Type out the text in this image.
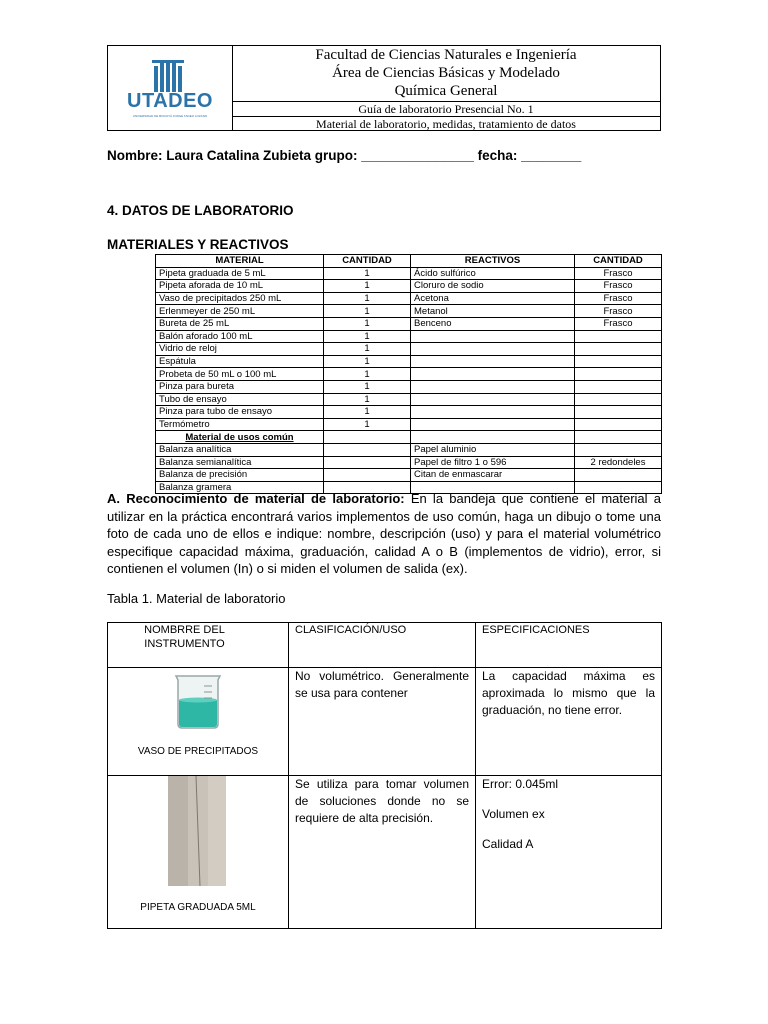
UTADEO
UNIVERSIDAD DE BOGOTÁ JORGE TADEO LOZANO
Facultad de Ciencias Naturales e Ingeniería
Área de Ciencias Básicas y Modelado
Química General
Guía de laboratorio Presencial No. 1
Material de laboratorio, medidas, tratamiento de datos
Nombre: Laura Catalina Zubieta grupo: _______________ fecha: ________
4. DATOS DE LABORATORIO
MATERIALES Y REACTIVOS
MATERIAL	CANTIDAD	REACTIVOS	CANTIDAD
Pipeta graduada de 5 mL	1	Ácido sulfúrico	Frasco
Pipeta aforada de 10 mL	1	Cloruro de sodio	Frasco
Vaso de precipitados 250 mL	1	Acetona	Frasco
Erlenmeyer de 250 mL	1	Metanol	Frasco
Bureta de 25 mL	1	Benceno	Frasco
Balón aforado 100 mL	1		
Vidrio de reloj	1		
Espátula	1		
Probeta de 50 mL o 100 mL	1		
Pinza para bureta	1		
Tubo de ensayo	1		
Pinza para tubo de ensayo	1		
Termómetro	1		
Material de usos común			
Balanza analítica		Papel aluminio	
Balanza semianalítica		Papel de filtro 1 o 596	2 redondeles
Balanza de precisión		Citan de enmascarar	
Balanza gramera			
A. Reconocimiento de material de laboratorio: En la bandeja que contiene el material a utilizar en la práctica encontrará varios implementos de uso común, haga un dibujo o tome una foto de cada uno de ellos e indique: nombre, descripción (uso) y para el material volumétrico especifique capacidad máxima, graduación, calidad A o B (implementos de vidrio), error, si contienen el volumen (In) o si miden el volumen de salida (ex).
Tabla 1. Material de laboratorio
NOMBRRE DEL INSTRUMENTO	CLASIFICACIÓN/USO	ESPECIFICACIONES

VASO DE PRECIPITADOS	No volumétrico. Generalmente se usa para contener	La capacidad máxima es aproximada lo mismo que la graduación, no tiene error.

PIPETA GRADUADA 5ML	Se utiliza para tomar volumen de soluciones donde no se requiere de alta precisión.	Error: 0.045ml
Volumen ex
Calidad A
